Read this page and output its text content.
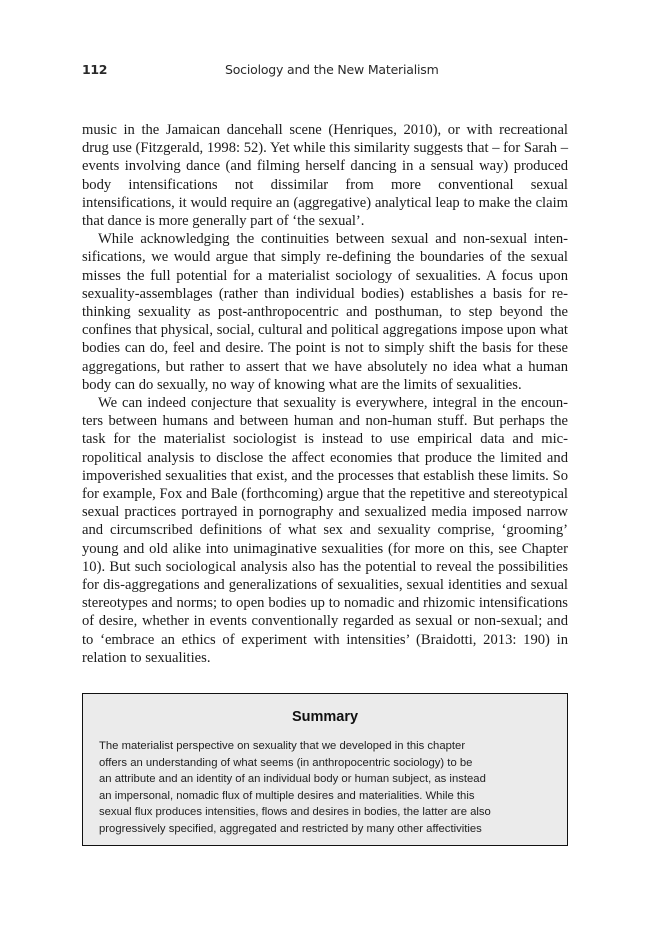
112	Sociology and the New Materialism

music in the Jamaican dancehall scene (Henriques, 2010), or with recreational drug use (Fitzgerald, 1998: 52). Yet while this similarity suggests that – for Sarah – events involving dance (and filming herself dancing in a sensual way) produced body intensifications not dissimilar from more conventional sexual intensifications, it would require an (aggregative) analytical leap to make the claim that dance is more generally part of ‘the sexual’.

While acknowledging the continuities between sexual and non-sexual intensifications, we would argue that simply re-defining the boundaries of the sexual misses the full potential for a materialist sociology of sexualities. A focus upon sexuality-assemblages (rather than individual bodies) establishes a basis for re-thinking sexuality as post-anthropocentric and posthuman, to step beyond the confines that physical, social, cultural and political aggregations impose upon what bodies can do, feel and desire. The point is not to simply shift the basis for these aggregations, but rather to assert that we have absolutely no idea what a human body can do sexually, no way of knowing what are the limits of sexualities.

We can indeed conjecture that sexuality is everywhere, integral in the encounters between humans and between human and non-human stuff. But perhaps the task for the materialist sociologist is instead to use empirical data and micropolitical analysis to disclose the affect economies that produce the limited and impoverished sexualities that exist, and the processes that establish these limits. So for example, Fox and Bale (forthcoming) argue that the repetitive and stereotypical sexual practices portrayed in pornography and sexualized media imposed narrow and circumscribed definitions of what sex and sexuality comprise, ‘grooming’ young and old alike into unimaginative sexualities (for more on this, see Chapter 10). But such sociological analysis also has the potential to reveal the possibilities for dis-aggregations and generalizations of sexualities, sexual identities and sexual stereotypes and norms; to open bodies up to nomadic and rhizomic intensifications of desire, whether in events conventionally regarded as sexual or non-sexual; and to ‘embrace an ethics of experiment with intensities’ (Braidotti, 2013: 190) in relation to sexualities.

Summary
The materialist perspective on sexuality that we developed in this chapter
offers an understanding of what seems (in anthropocentric sociology) to be
an attribute and an identity of an individual body or human subject, as instead
an impersonal, nomadic flux of multiple desires and materialities. While this
sexual flux produces intensities, flows and desires in bodies, the latter are also
progressively specified, aggregated and restricted by many other affectivities
